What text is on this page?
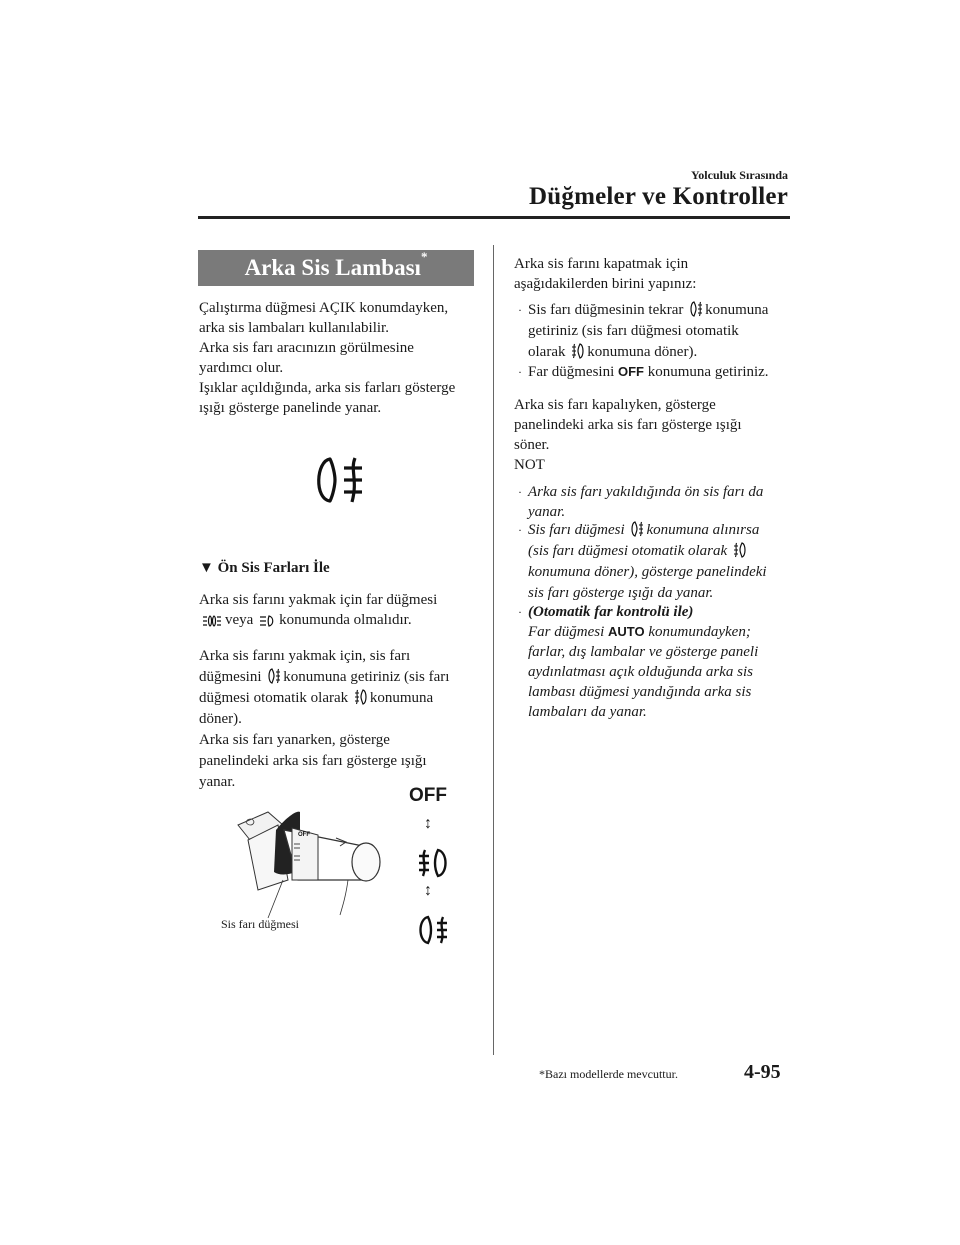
Yolculuk Sırasında
Düğmeler ve Kontroller
Arka Sis Lambası*
Çalıştırma düğmesi AÇIK konumdayken,
arka sis lambaları kullanılabilir.
Arka sis farı aracınızın görülmesine
yardımcı olur.
Işıklar açıldığında, arka sis farları gösterge
ışığı gösterge panelinde yanar.
▼ Ön Sis Farları İle
Arka sis farını yakmak için far düğmesi
veya konumunda olmalıdır.
Arka sis farını yakmak için, sis farı
düğmesini konumuna getiriniz (sis farı
düğmesi otomatik olarak konumuna
döner).
Arka sis farı yanarken, gösterge
panelindeki arka sis farı gösterge ışığı
yanar.
OFF
Sis farı düğmesi
OFF
↕
↕
Arka sis farını kapatmak için
aşağıdakilerden birini yapınız:
· Sis farı düğmesinin tekrar konumuna
getiriniz (sis farı düğmesi otomatik
olarak konumuna döner).
· Far düğmesini OFF konumuna getiriniz.
Arka sis farı kapalıyken, gösterge
panelindeki arka sis farı gösterge ışığı
söner.
NOT
· Arka sis farı yakıldığında ön sis farı da
yanar.
· Sis farı düğmesi konumuna alınırsa
(sis farı düğmesi otomatik olarak
konumuna döner), gösterge panelindeki
sis farı gösterge ışığı da yanar.
· (Otomatik far kontrolü ile)
Far düğmesi AUTO konumundayken;
farlar, dış lambalar ve gösterge paneli
aydınlatması açık olduğunda arka sis
lambası düğmesi yandığında arka sis
lambaları da yanar.
*Bazı modellerde mevcuttur.	4-95
